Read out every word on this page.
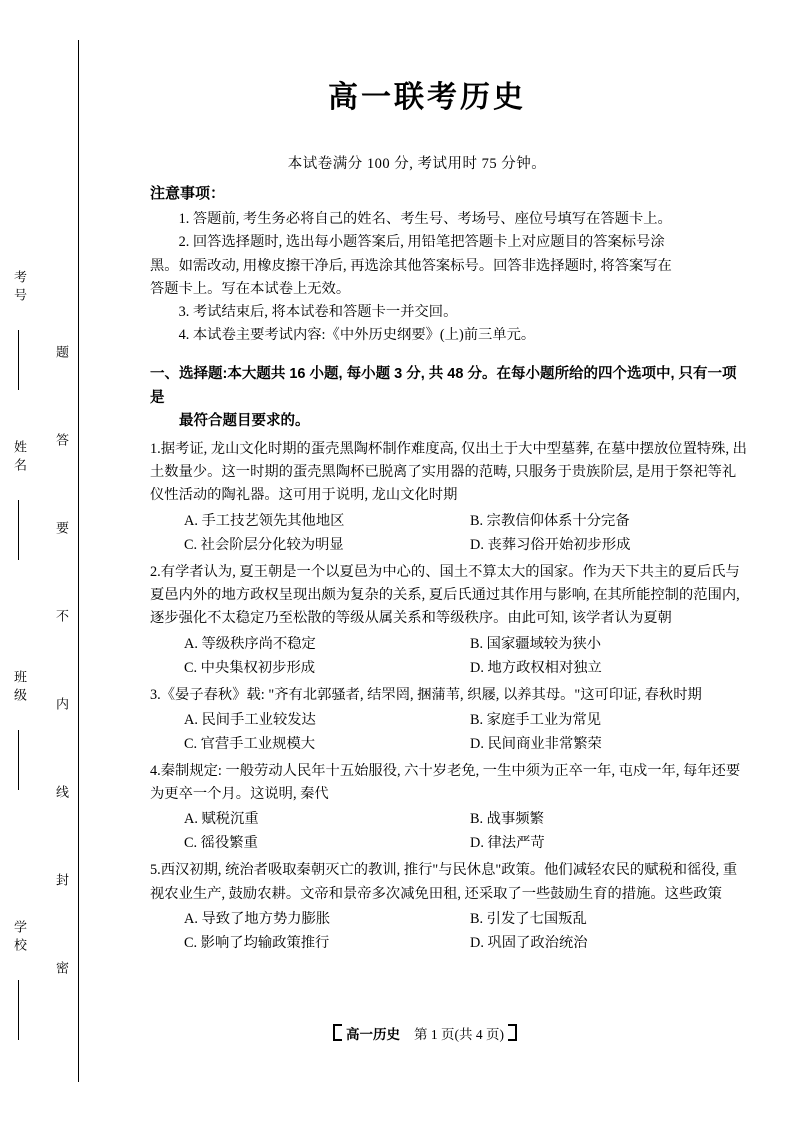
考号
姓名
班级
学校 题 答 要 不 内 线 封 密
高一联考历史
本试卷满分 100 分, 考试用时 75 分钟。
注意事项：
1. 答题前, 考生务必将自己的姓名、考生号、考场号、座位号填写在答题卡上。
2. 回答选择题时, 选出每小题答案后, 用铅笔把答题卡上对应题目的答案标号涂
黑。如需改动, 用橡皮擦干净后, 再选涂其他答案标号。回答非选择题时, 将答案写在
答题卡上。写在本试卷上无效。
3. 考试结束后, 将本试卷和答题卡一并交回。
4. 本试卷主要考试内容:《中外历史纲要》(上)前三单元。
一、选择题:本大题共 16 小题, 每小题 3 分, 共 48 分。在每小题所给的四个选项中, 只有一项是
最符合题目要求的。
1.据考证, 龙山文化时期的蛋壳黑陶杯制作难度高, 仅出土于大中型墓葬, 在墓中摆放位置特殊, 出土数量少。这一时期的蛋壳黑陶杯已脱离了实用器的范畴, 只服务于贵族阶层, 是用于祭祀等礼仪性活动的陶礼器。这可用于说明, 龙山文化时期
A. 手工技艺领先其他地区	B. 宗教信仰体系十分完备
C. 社会阶层分化较为明显	D. 丧葬习俗开始初步形成
2.有学者认为, 夏王朝是一个以夏邑为中心的、国土不算太大的国家。作为天下共主的夏后氏与夏邑内外的地方政权呈现出颇为复杂的关系, 夏后氏通过其作用与影响, 在其所能控制的范围内, 逐步强化不太稳定乃至松散的等级从属关系和等级秩序。由此可知, 该学者认为夏朝
A. 等级秩序尚不稳定	B. 国家疆域较为狭小
C. 中央集权初步形成	D. 地方政权相对独立
3.《晏子春秋》载: "齐有北郭骚者, 结罘罔, 捆蒲苇, 织屦, 以养其母。"这可印证, 春秋时期
A. 民间手工业较发达	B. 家庭手工业为常见
C. 官营手工业规模大	D. 民间商业非常繁荣
4.秦制规定: 一般劳动人民年十五始服役, 六十岁老免, 一生中须为正卒一年, 屯戍一年, 每年还要为更卒一个月。这说明, 秦代
A. 赋税沉重	B. 战事频繁
C. 徭役繁重	D. 律法严苛
5.西汉初期, 统治者吸取秦朝灭亡的教训, 推行"与民休息"政策。他们减轻农民的赋税和徭役, 重视农业生产, 鼓励农耕。文帝和景帝多次减免田租, 还采取了一些鼓励生育的措施。这些政策
A. 导致了地方势力膨胀	B. 引发了七国叛乱
C. 影响了均输政策推行	D. 巩固了政治统治
高一历史 第 1 页(共 4 页)
